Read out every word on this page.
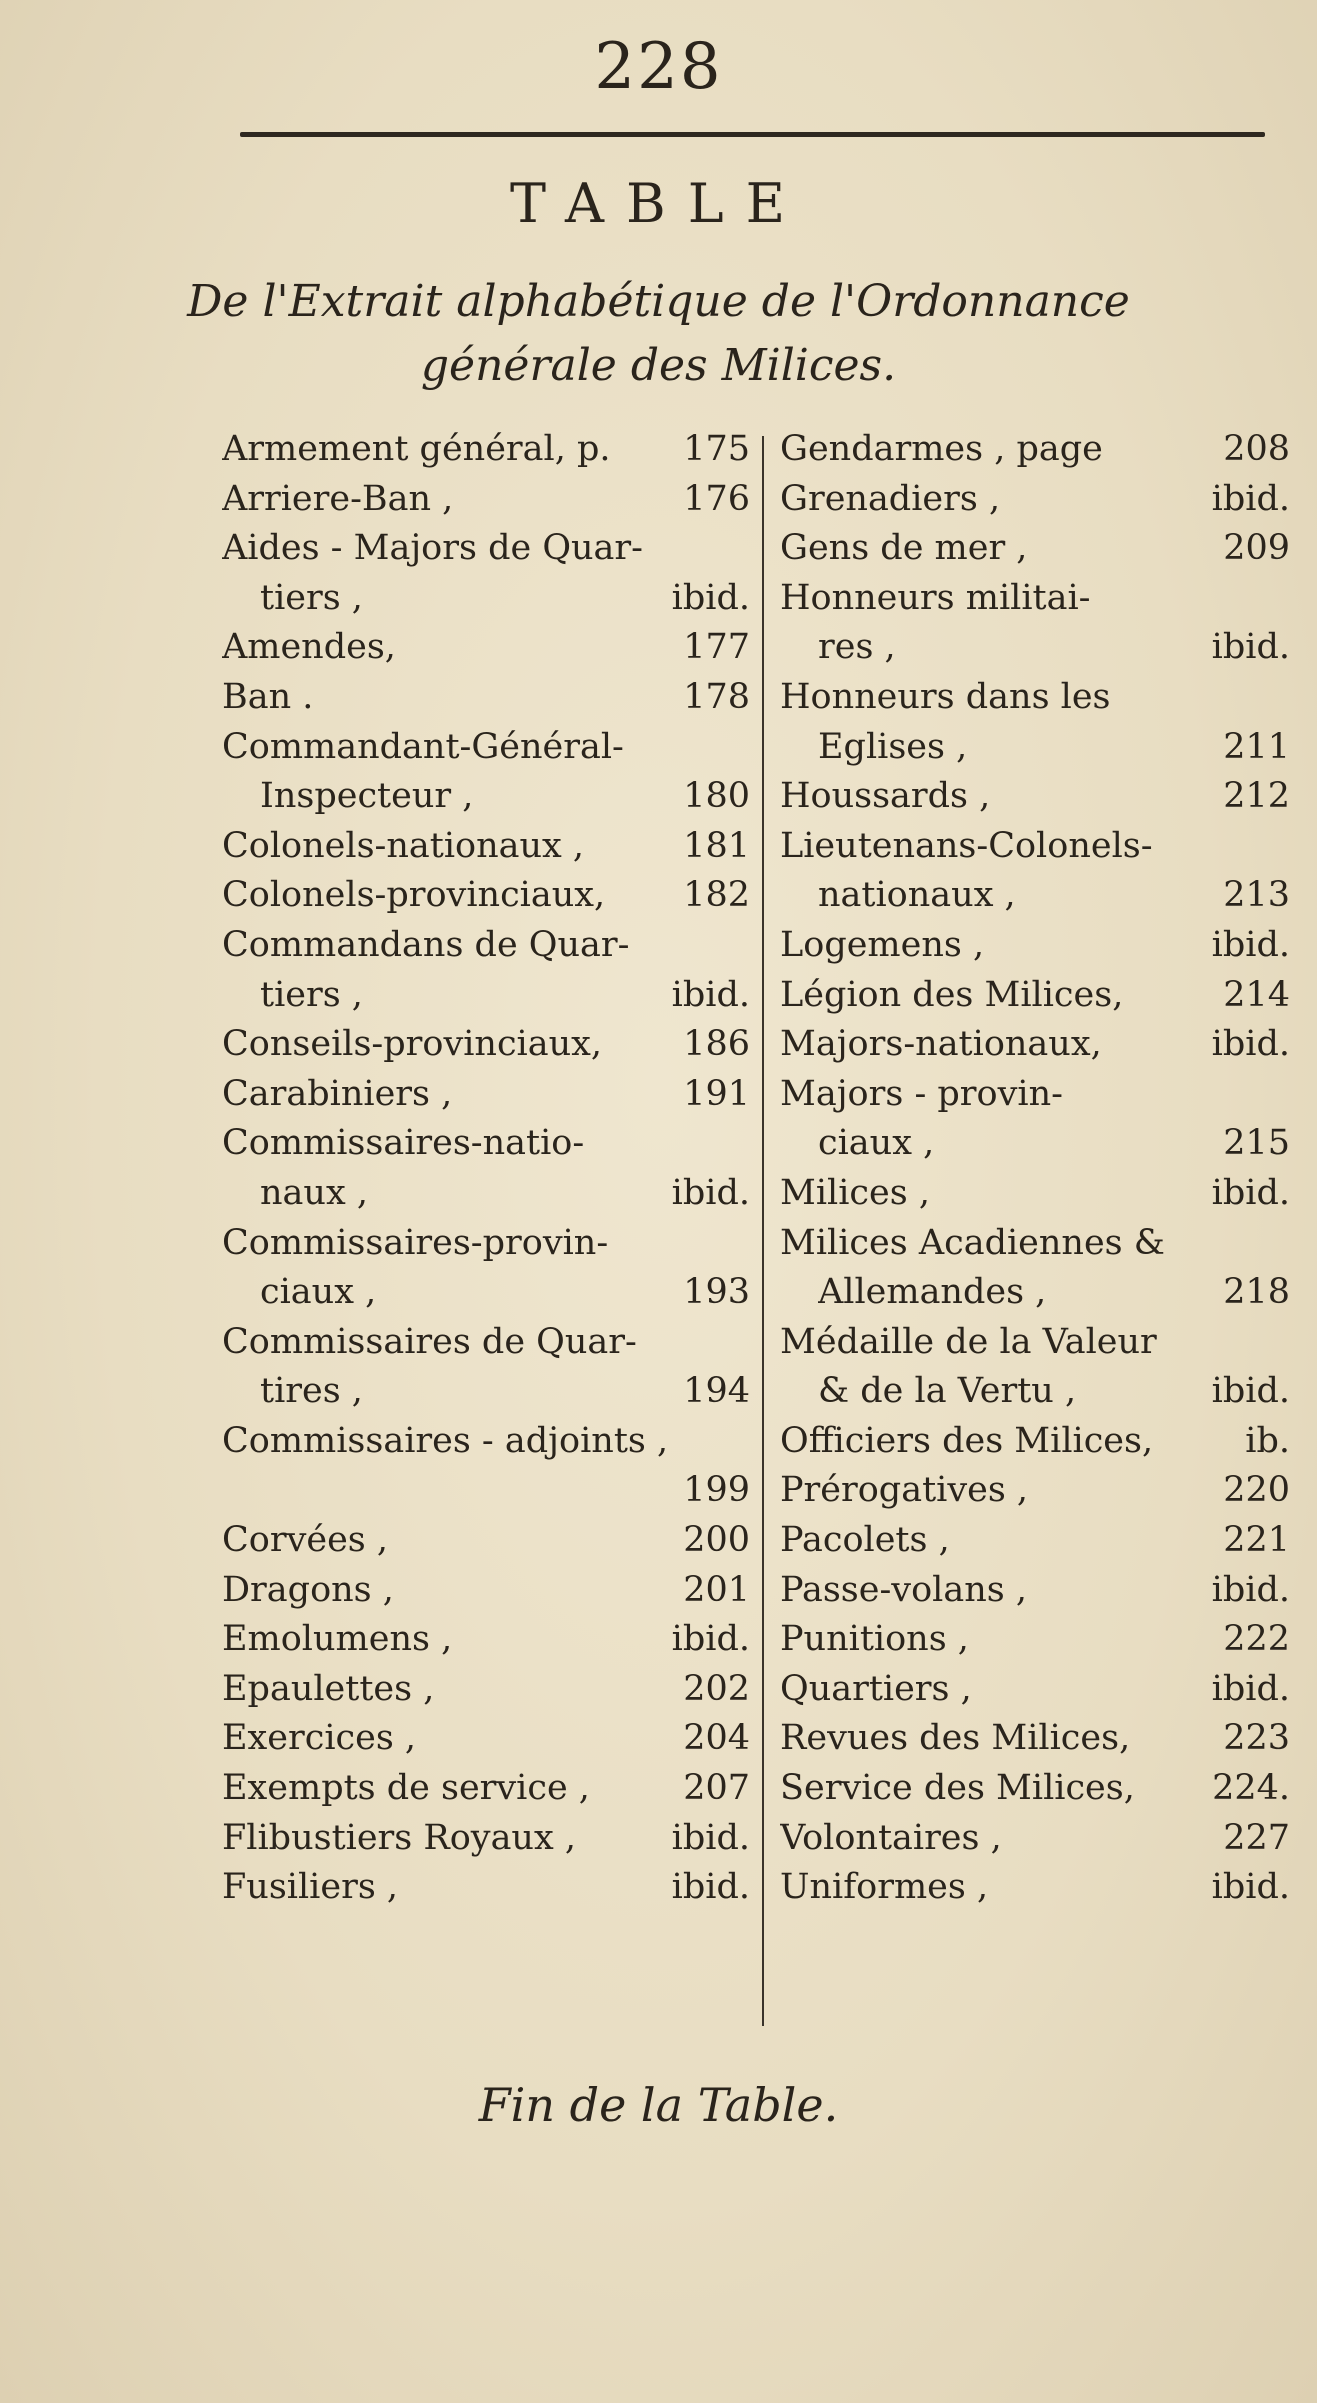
228
TABLE
De l'Extrait alphabétique de l'Ordonnance
générale des Milices.
Armement général, p. 175
Arriere-Ban ,	176
Aides - Majors de Quar-
tiers ,	ibid.
Amendes,	177
Ban .	178
Commandant-Général-
Inspecteur ,	180
Colonels-nationaux ,	181
Colonels-provinciaux, 182
Commandans de Quar-
tiers ,	ibid.
Conseils-provinciaux, 186
Carabiniers ,	191
Commissaires-natio-
naux ,	ibid.
Commissaires-provin-
ciaux ,	193
Commissaires de Quar-
tires ,	194
Commissaires - adjoints ,
199
Corvées ,	200
Dragons ,	201
Emolumens ,	ibid.
Epaulettes ,	202
Exercices ,	204
Exempts de service ,	207
Flibustiers Royaux ,	ibid.
Fusiliers ,	ibid.
Gendarmes , page	208
Grenadiers ,	ibid.
Gens de mer ,	209
Honneurs militai-
res ,	ibid.
Honneurs dans les
Eglises ,	211
Houssards ,	212
Lieutenans-Colonels-
nationaux ,	213
Logemens ,	ibid.
Légion des Milices,	214
Majors-nationaux,	ibid.
Majors - provin-
ciaux ,	215
Milices ,	ibid.
Milices Acadiennes &
Allemandes ,	218
Médaille de la Valeur
& de la Vertu ,	ibid.
Officiers des Milices,	ib.
Prérogatives ,	220
Pacolets ,	221
Passe-volans ,	ibid.
Punitions ,	222
Quartiers ,	ibid.
Revues des Milices,	223
Service des Milices, 224.
Volontaires ,	227
Uniformes ,	ibid.
Fin de la Table.
